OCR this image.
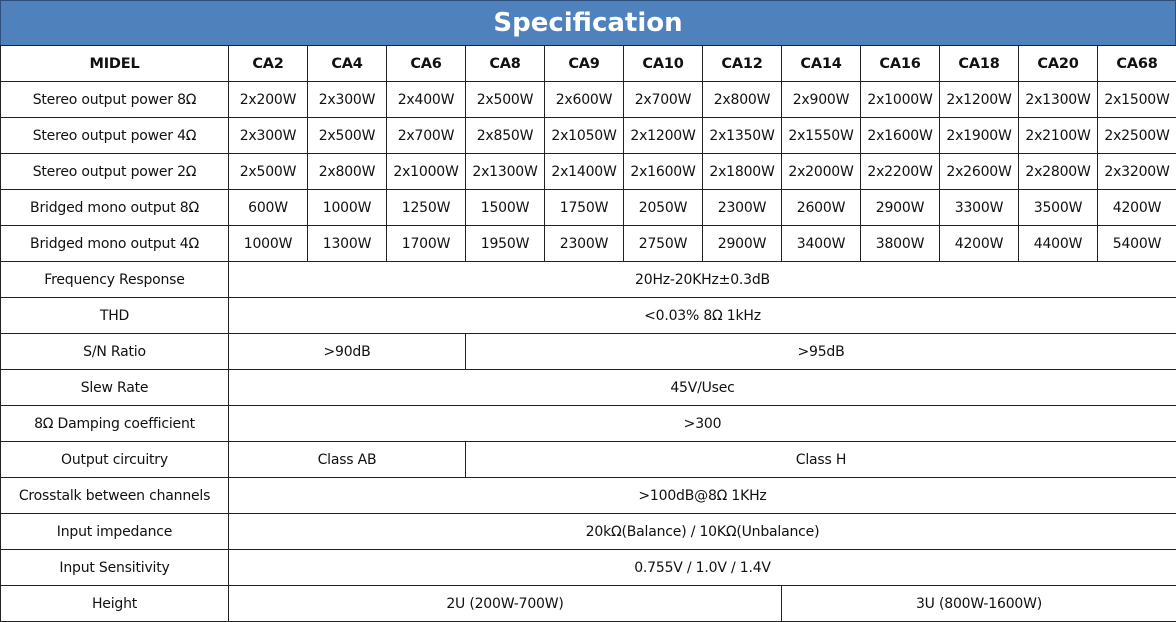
Specification
MIDEL	CA2	CA4	CA6	CA8	CA9	CA10	CA12	CA14	CA16	CA18	CA20	CA68
Stereo output power 8Ω	2x200W	2x300W	2x400W	2x500W	2x600W	2x700W	2x800W	2x900W	2x1000W	2x1200W	2x1300W	2x1500W
Stereo output power 4Ω	2x300W	2x500W	2x700W	2x850W	2x1050W	2x1200W	2x1350W	2x1550W	2x1600W	2x1900W	2x2100W	2x2500W
Stereo output power 2Ω	2x500W	2x800W	2x1000W	2x1300W	2x1400W	2x1600W	2x1800W	2x2000W	2x2200W	2x2600W	2x2800W	2x3200W
Bridged mono output 8Ω	600W	1000W	1250W	1500W	1750W	2050W	2300W	2600W	2900W	3300W	3500W	4200W
Bridged mono output 4Ω	1000W	1300W	1700W	1950W	2300W	2750W	2900W	3400W	3800W	4200W	4400W	5400W
Frequency Response	20Hz-20KHz±0.3dB											
THD	<0.03% 8Ω 1kHz											
S/N Ratio	>90dB			>95dB								
Slew Rate	45V/Usec											
8Ω Damping coefficient	>300											
Output circuitry	Class AB			Class H								
Crosstalk between channels	>100dB@8Ω 1KHz											
Input impedance	20kΩ(Balance) / 10KΩ(Unbalance)											
Input Sensitivity	0.755V / 1.0V / 1.4V											
Height	2U (200W-700W)							3U (800W-1600W)				
